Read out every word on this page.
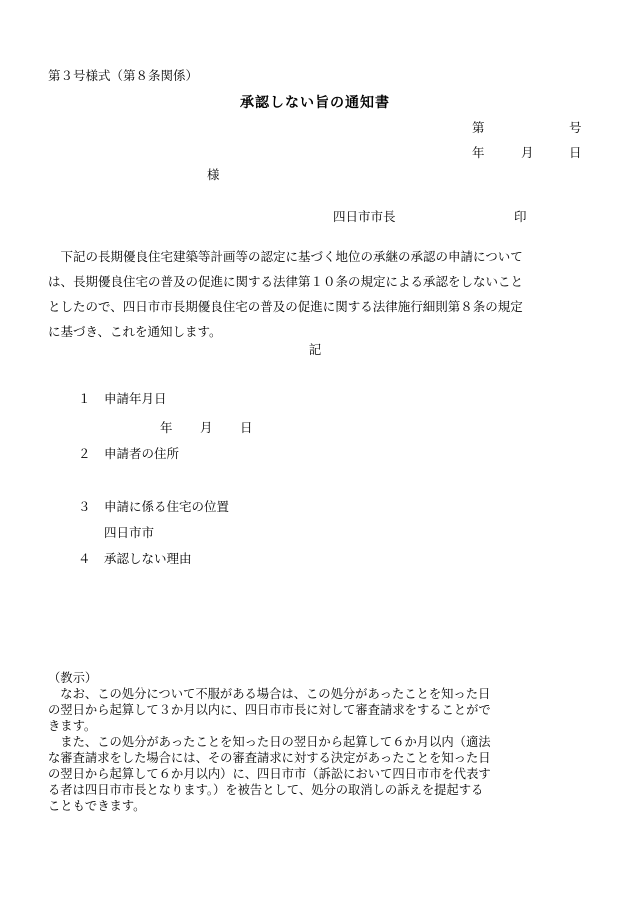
第３号様式（第８条関係）
承認しない旨の通知書
第	号
年	月	日
様
四日市市長	印
　下記の長期優良住宅建築等計画等の認定に基づく地位の承継の承認の申請について
は、長期優良住宅の普及の促進に関する法律第１０条の規定による承認をしないこと
としたので、四日市市長期優良住宅の普及の促進に関する法律施行細則第８条の規定
に基づき、これを通知します。
記
１ 申請年月日
年 月 日
２ 申請者の住所
３ 申請に係る住宅の位置
四日市市
４ 承認しない理由
（教示）
　なお、この処分について不服がある場合は、この処分があったことを知った日
の翌日から起算して３か月以内に、四日市市長に対して審査請求をすることがで
きます。
　また、この処分があったことを知った日の翌日から起算して６か月以内（適法
な審査請求をした場合には、その審査請求に対する決定があったことを知った日
の翌日から起算して６か月以内）に、四日市市（訴訟において四日市市を代表す
る者は四日市市長となります。）を被告として、処分の取消しの訴えを提起する
こともできます。
